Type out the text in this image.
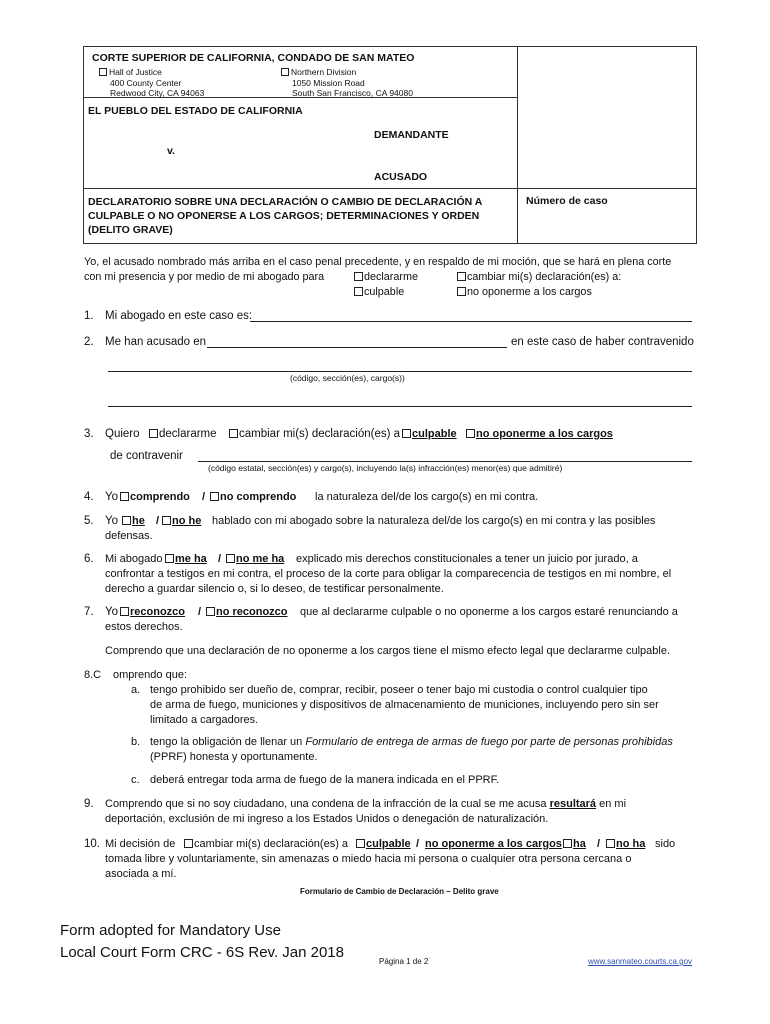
CORTE SUPERIOR DE CALIFORNIA, CONDADO DE SAN MATEO
Hall of Justice
400 County Center
Redwood City, CA 94063
Northern Division
1050 Mission Road
South San Francisco, CA 94080
EL PUEBLO DEL ESTADO DE CALIFORNIA
DEMANDANTE
v.
ACUSADO
DECLARATORIO SOBRE UNA DECLARACIÓN O CAMBIO DE DECLARACIÓN A
CULPABLE O NO OPONERSE A LOS CARGOS; DETERMINACIONES Y ORDEN
(DELITO GRAVE)
Número de caso
Yo, el acusado nombrado más arriba en el caso penal precedente, y en respaldo de mi moción, que se hará en plena corte
con mi presencia y por medio de mi abogado para	declararme	cambiar mi(s) declaración(es) a:
culpable	no oponerme a los cargos
1. Mi abogado en este caso es:
2. Me han acusado en	en este caso de haber contravenido
(código, sección(es), cargo(s))
3. Quiero	declararme	cambiar mi(s) declaración(es) a	culpable	no oponerme a los cargos
de contravenir
(código estatal, sección(es) y cargo(s), incluyendo la(s) infracción(es) menor(es) que admitiré)
4. Yo	comprendo /	no comprendo la naturaleza del/de los cargo(s) en mi contra.
5. Yo	he /	no he hablado con mi abogado sobre la naturaleza del/de los cargo(s) en mi contra y las posibles
defensas.
6. Mi abogado	me ha /	no me ha explicado mis derechos constitucionales a tener un juicio por jurado, a
confrontar a testigos en mi contra, el proceso de la corte para obligar la comparecencia de testigos en mi nombre, el
derecho a guardar silencio o, si lo deseo, de testificar personalmente.
7. Yo	reconozco /	no reconozco que al declararme culpable o no oponerme a los cargos estaré renunciando a
estos derechos.
Comprendo que una declaración de no oponerme a los cargos tiene el mismo efecto legal que declararme culpable.
8.C omprendo que:
a. tengo prohibido ser dueño de, comprar, recibir, poseer o tener bajo mi custodia o control cualquier tipo
de arma de fuego, municiones y dispositivos de almacenamiento de municiones, incluyendo pero sin ser
limitado a cargadores.
b. tengo la obligación de llenar un Formulario de entrega de armas de fuego por parte de personas prohibidas
(PPRF) honesta y oportunamente.
c. deberá entregar toda arma de fuego de la manera indicada en el PPRF.
9. Comprendo que si no soy ciudadano, una condena de la infracción de la cual se me acusa resultará en mi
deportación, exclusión de mi ingreso a los Estados Unidos o denegación de naturalización.
10. Mi decisión de	cambiar mi(s) declaración(es) a	culpable / no oponerme a los cargos	ha /	no ha sido
tomada libre y voluntariamente, sin amenazas o miedo hacia mi persona o cualquier otra persona cercana o
asociada a mí.
Formulario de Cambio de Declaración – Delito grave
Form adopted for Mandatory Use
Local Court Form CRC - 6S Rev. Jan 2018
Página 1 de 2	www.sanmateo.courts.ca.gov
